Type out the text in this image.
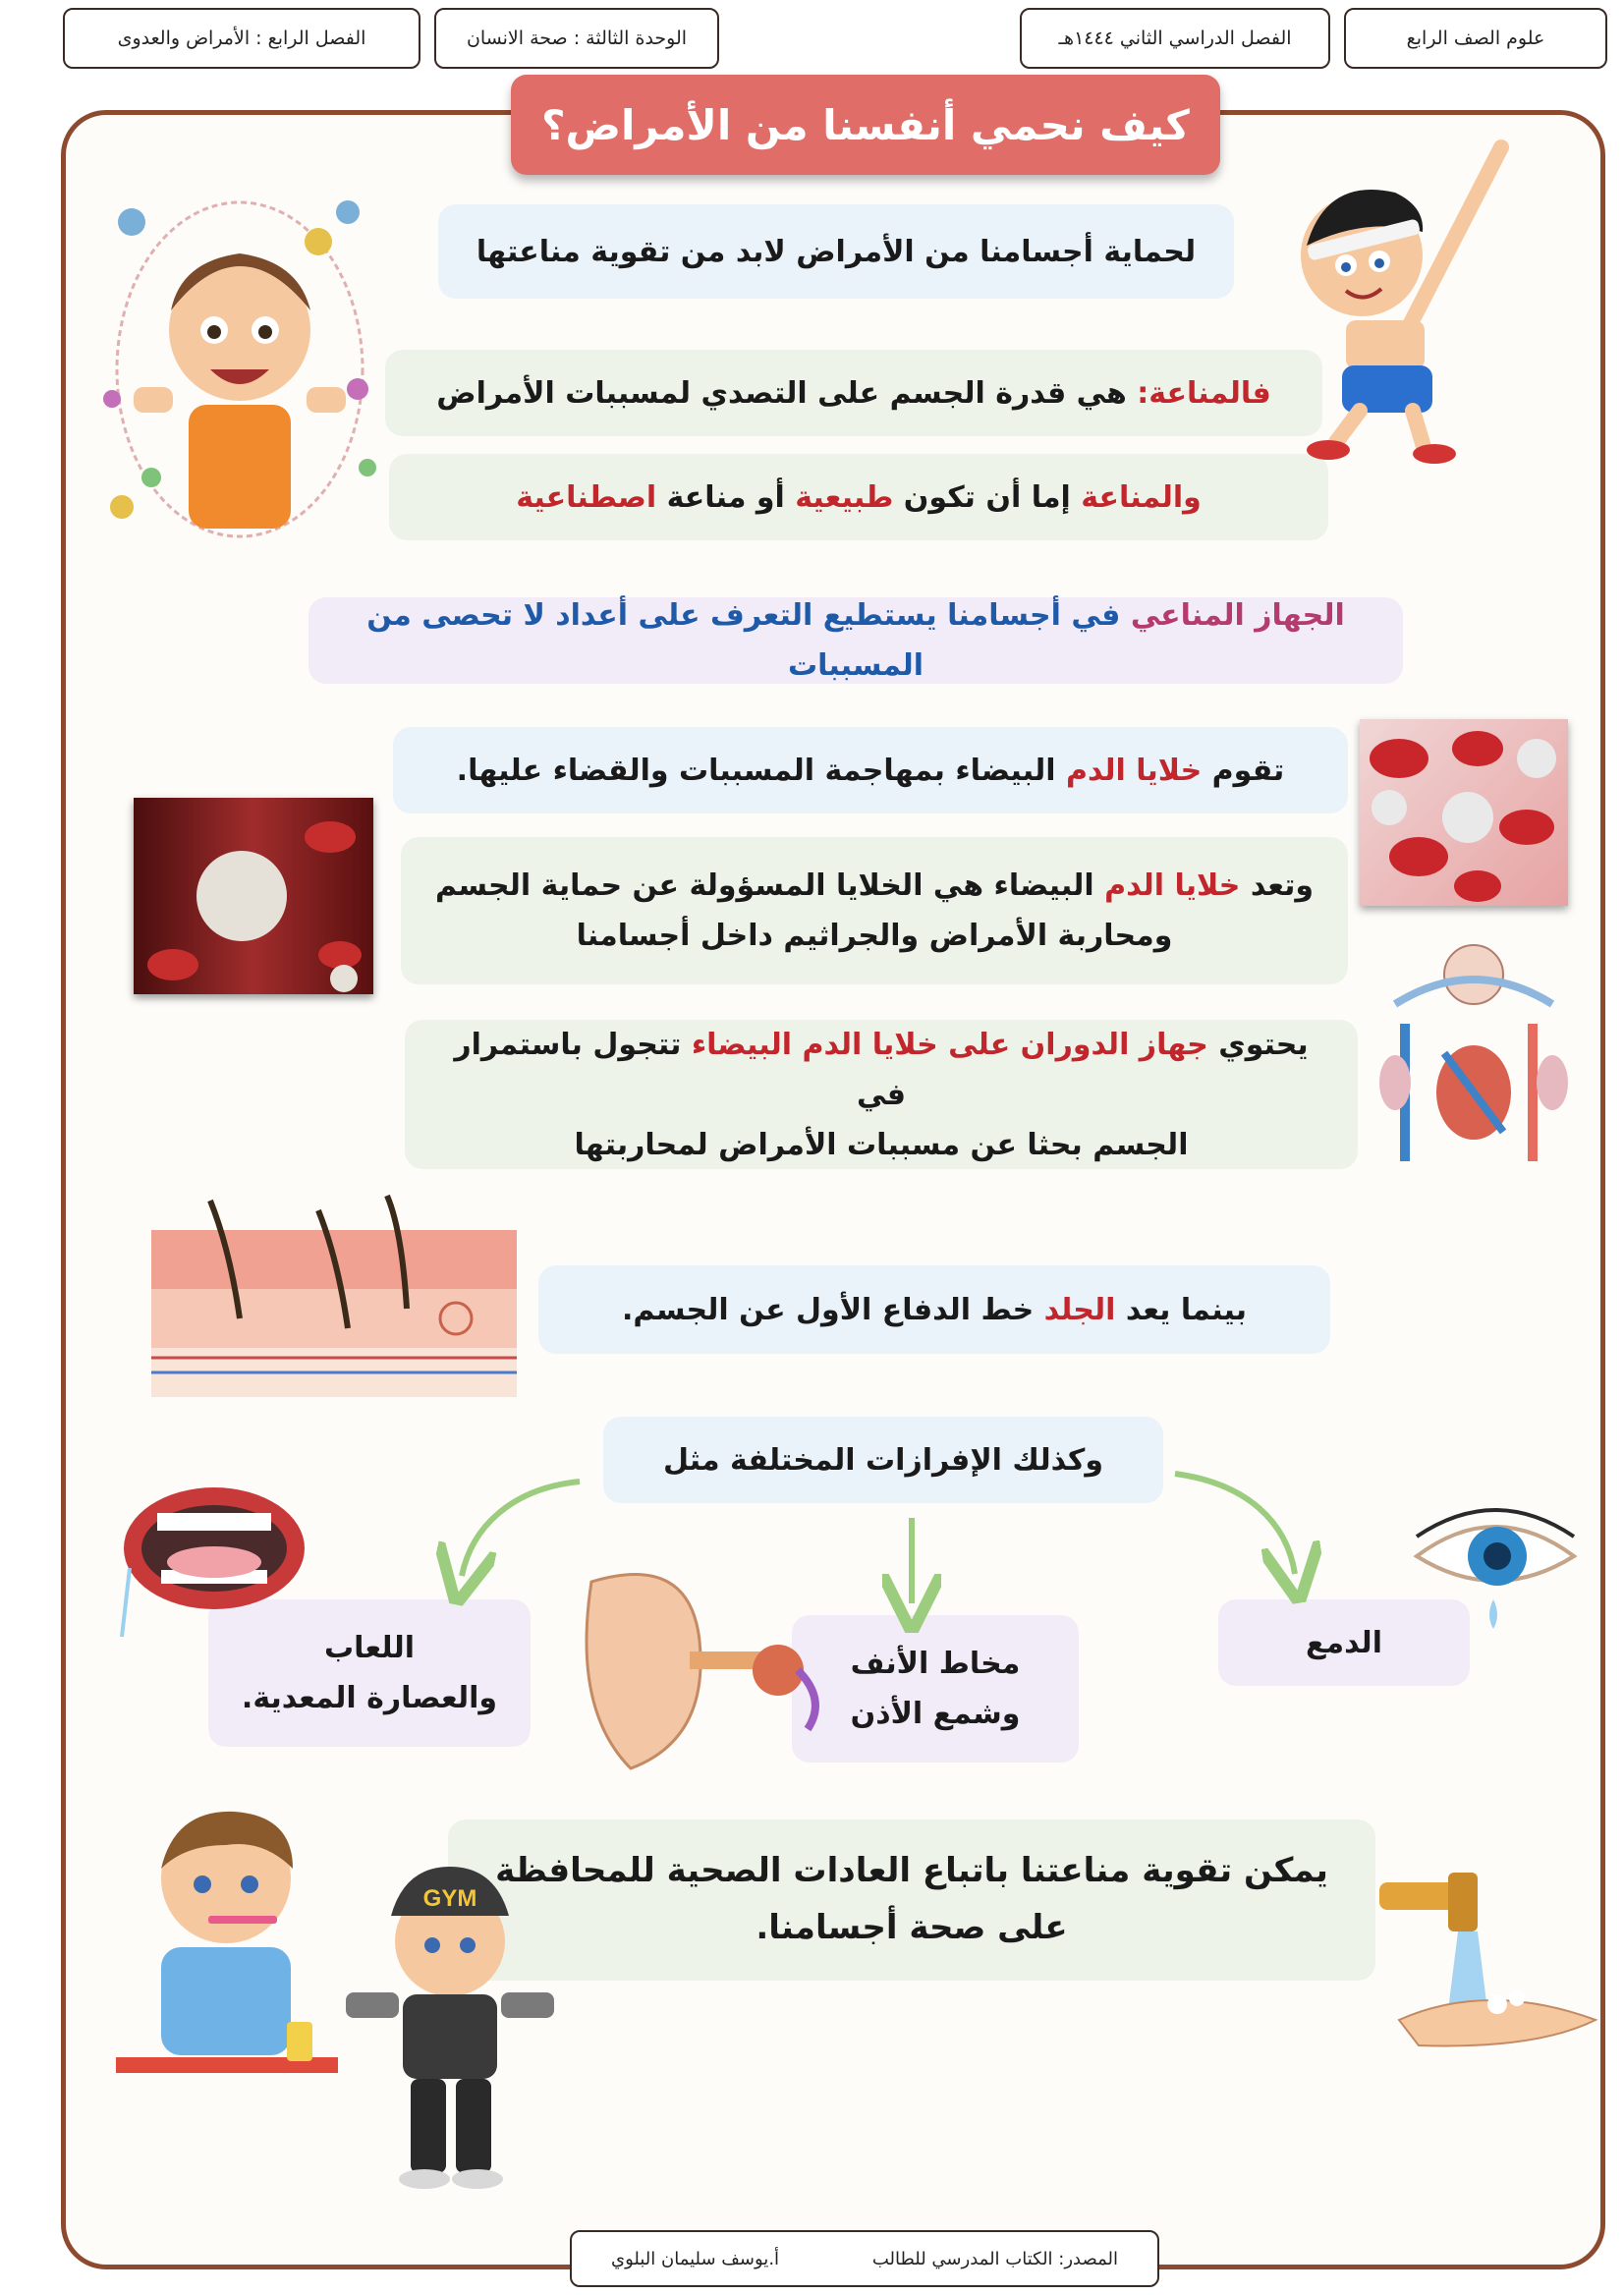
علوم الصف الرابع
الفصل الدراسي الثاني ١٤٤٤هـ
الوحدة الثالثة : صحة الانسان
الفصل الرابع : الأمراض والعدوى
كيف نحمي أنفسنا من الأمراض؟
لحماية أجسامنا من الأمراض لابد من تقوية مناعتها
فالمناعة: هي قدرة الجسم على التصدي لمسببات الأمراض
والمناعة إما أن تكون طبيعية أو مناعة اصطناعية
الجهاز المناعي في أجسامنا يستطيع التعرف على أعداد لا تحصى من المسببات
تقوم خلايا الدم البيضاء بمهاجمة المسببات والقضاء عليها.
وتعد خلايا الدم البيضاء هي الخلايا المسؤولة عن حماية الجسم
ومحاربة الأمراض والجراثيم داخل أجسامنا
يحتوي جهاز الدوران على خلايا الدم البيضاء تتجول باستمرار في
الجسم بحثا عن مسببات الأمراض لمحاربتها
بينما يعد الجلد خط الدفاع الأول عن الجسم.
وكذلك الإفرازات المختلفة مثل
الدمع
مخاط الأنف
وشمع الأذن
اللعاب
والعصارة المعدية.
يمكن تقوية مناعتنا باتباع العادات الصحية للمحافظة
على صحة أجسامنا.
GYM
المصدر: الكتاب المدرسي للطالب
أ.يوسف سليمان البلوي
